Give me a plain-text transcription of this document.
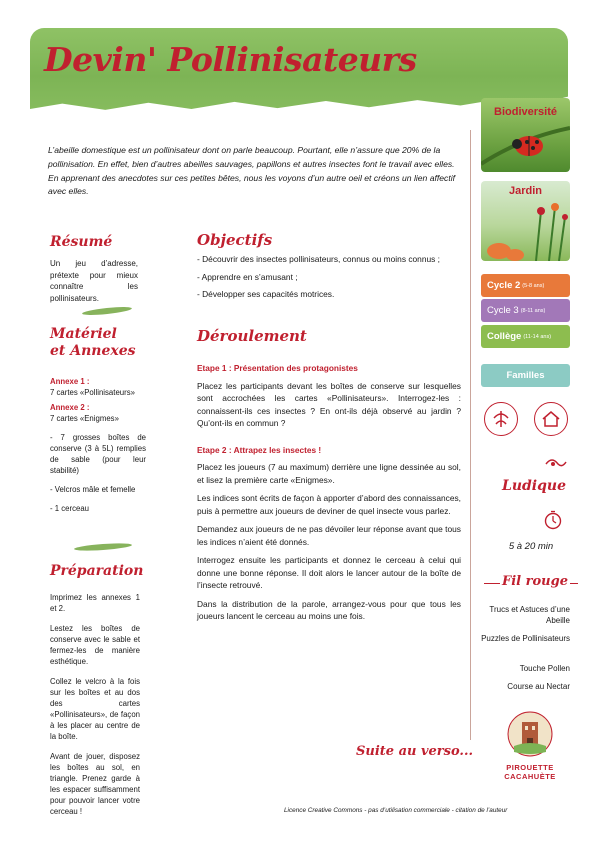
Devin' Pollinisateurs
L’abeille domestique est un pollinisateur dont on parle beaucoup. Pourtant, elle n’assure que 20% de la pollinisation. En effet, bien d’autres abeilles sauvages, papillons et autres insectes font le travail avec elles.
En apprenant des anecdotes sur ces petites bêtes, nous les voyons d’un autre oeil et créons un lien affectif avec elles.
Résumé
Un jeu d’adresse, prétexte pour mieux connaître les pollinisateurs.
Matériel
et Annexes
Annexe 1 :
7 cartes «Pollinisateurs»
Annexe 2 :
7 cartes «Enigmes»
- 7 grosses boîtes de conserve (3 à 5L) remplies de sable (pour leur stabilité)
- Velcros mâle et femelle
- 1 cerceau
Préparation
Imprimez les annexes 1 et 2.
Lestez les boîtes de conserve avec le sable et fermez-les de manière esthétique.
Collez le velcro à la fois sur les boîtes et au dos des cartes «Pollinisateurs», de façon à les placer au centre de la boîte.
Avant de jouer, disposez les boîtes au sol, en triangle. Prenez garde à les espacer suffisamment pour pouvoir lancer votre cerceau !
Objectifs
- Découvrir des insectes pollinisateurs, connus ou moins connus ;
- Apprendre en s’amusant ;
- Développer ses capacités motrices.
Déroulement
Etape 1 : Présentation des protagonistes
Placez les participants devant les boîtes de conserve sur lesquelles sont accrochées les cartes «Pollinisateurs». Interrogez-les : connaissent-ils ces insectes ? En ont-ils déjà observé au jardin ? Qu’ont-ils en commun ?
Etape 2 : Attrapez les insectes !
Placez les joueurs (7 au maximum) derrière une ligne dessinée au sol, et lisez la première carte «Enigmes».
Les indices sont écrits de façon à apporter d’abord des connaissances, puis à permettre aux joueurs de deviner de quel insecte vous parlez.
Demandez aux joueurs de ne pas dévoiler leur réponse avant que tous les indices n’aient été donnés.
Interrogez ensuite les participants et donnez le cerceau à celui qui donne une bonne réponse. Il doit alors le lancer autour de la boîte de l’insecte retrouvé.
Dans la distribution de la parole, arrangez-vous pour que tous les joueurs lancent le cerceau au moins une fois.
Biodiversité
Jardin
Cycle 2 (5-8 ans)
Cycle 3 (8-11 ans)
Collège (11-14 ans)
Familles
Ludique
5 à 20 min
Fil rouge
Trucs et Astuces d’une Abeille
Puzzles de Pollinisateurs
Touche Pollen
Course au Nectar
PIROUETTE
CACAHUÈTE
Suite au verso...
Licence Creative Commons - pas d’utilisation commerciale - citation de l’auteur
